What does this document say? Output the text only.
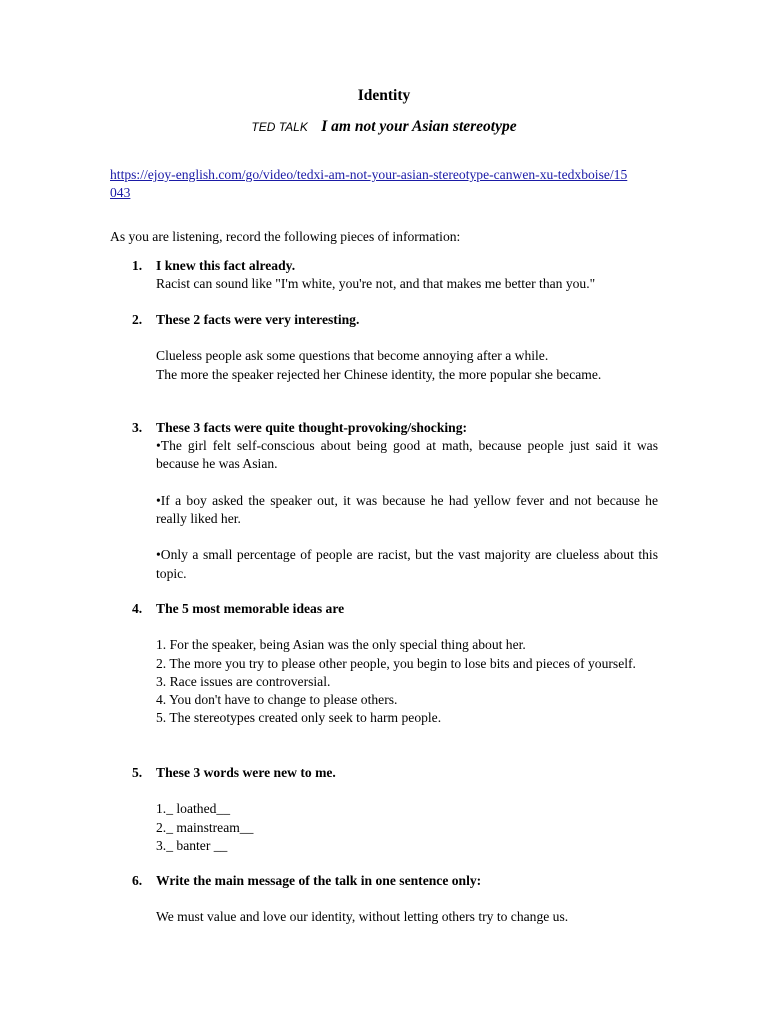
Identity
TED TALK I am not your Asian stereotype
https://ejoy-english.com/go/video/tedxi-am-not-your-asian-stereotype-canwen-xu-tedxboise/15043
As you are listening, record the following pieces of information:
1. I knew this fact already.

Racist can sound like "I'm white, you're not, and that makes me better than you."

2. These 2 facts were very interesting.

Clueless people ask some questions that become annoying after a while.

The more the speaker rejected her Chinese identity, the more popular she became.

3. These 3 facts were quite thought-provoking/shocking:

•The girl felt self-conscious about being good at math, because people just said it was because he was Asian.

•If a boy asked the speaker out, it was because he had yellow fever and not because he really liked her.

•Only a small percentage of people are racist, but the vast majority are clueless about this topic.

4. The 5 most memorable ideas are

1. For the speaker, being Asian was the only special thing about her.

2. The more you try to please other people, you begin to lose bits and pieces of yourself.

3. Race issues are controversial.

4. You don't have to change to please others.

5. The stereotypes created only seek to harm people.

5. These 3 words were new to me.

1._ loathed__

2._ mainstream__

3._ banter __

6. Write the main message of the talk in one sentence only:

We must value and love our identity, without letting others try to change us.
